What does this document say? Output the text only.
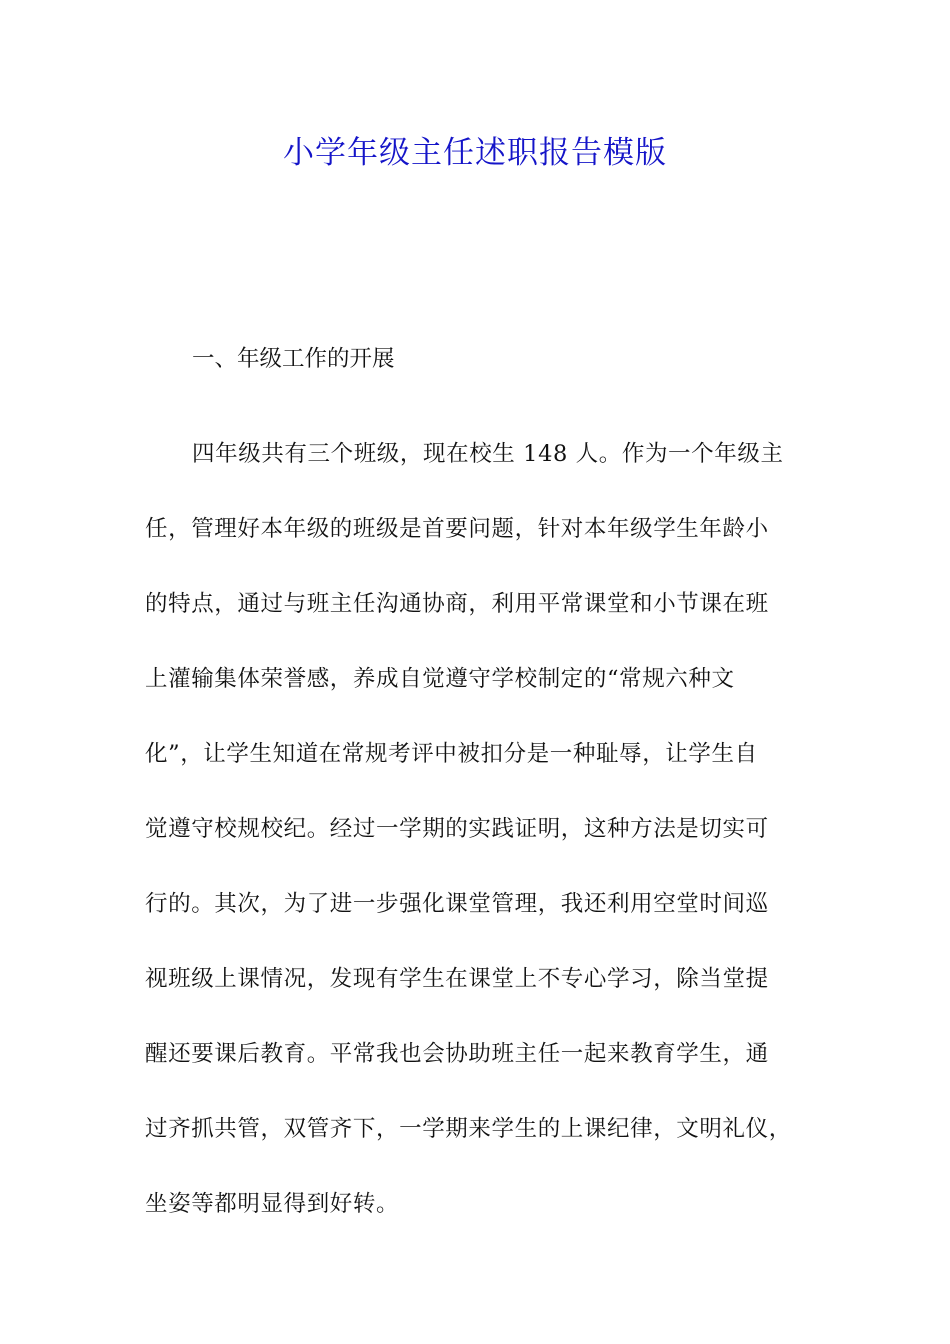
小学年级主任述职报告模版
一、年级工作的开展
四年级共有三个班级，现在校生 148 人。作为一个年级主
任，管理好本年级的班级是首要问题，针对本年级学生年龄小
的特点，通过与班主任沟通协商，利用平常课堂和小节课在班
上灌输集体荣誉感，养成自觉遵守学校制定的“常规六种文
化”，让学生知道在常规考评中被扣分是一种耻辱，让学生自
觉遵守校规校纪。经过一学期的实践证明，这种方法是切实可
行的。其次，为了进一步强化课堂管理，我还利用空堂时间巡
视班级上课情况，发现有学生在课堂上不专心学习，除当堂提
醒还要课后教育。平常我也会协助班主任一起来教育学生，通
过齐抓共管，双管齐下，一学期来学生的上课纪律，文明礼仪，
坐姿等都明显得到好转。
